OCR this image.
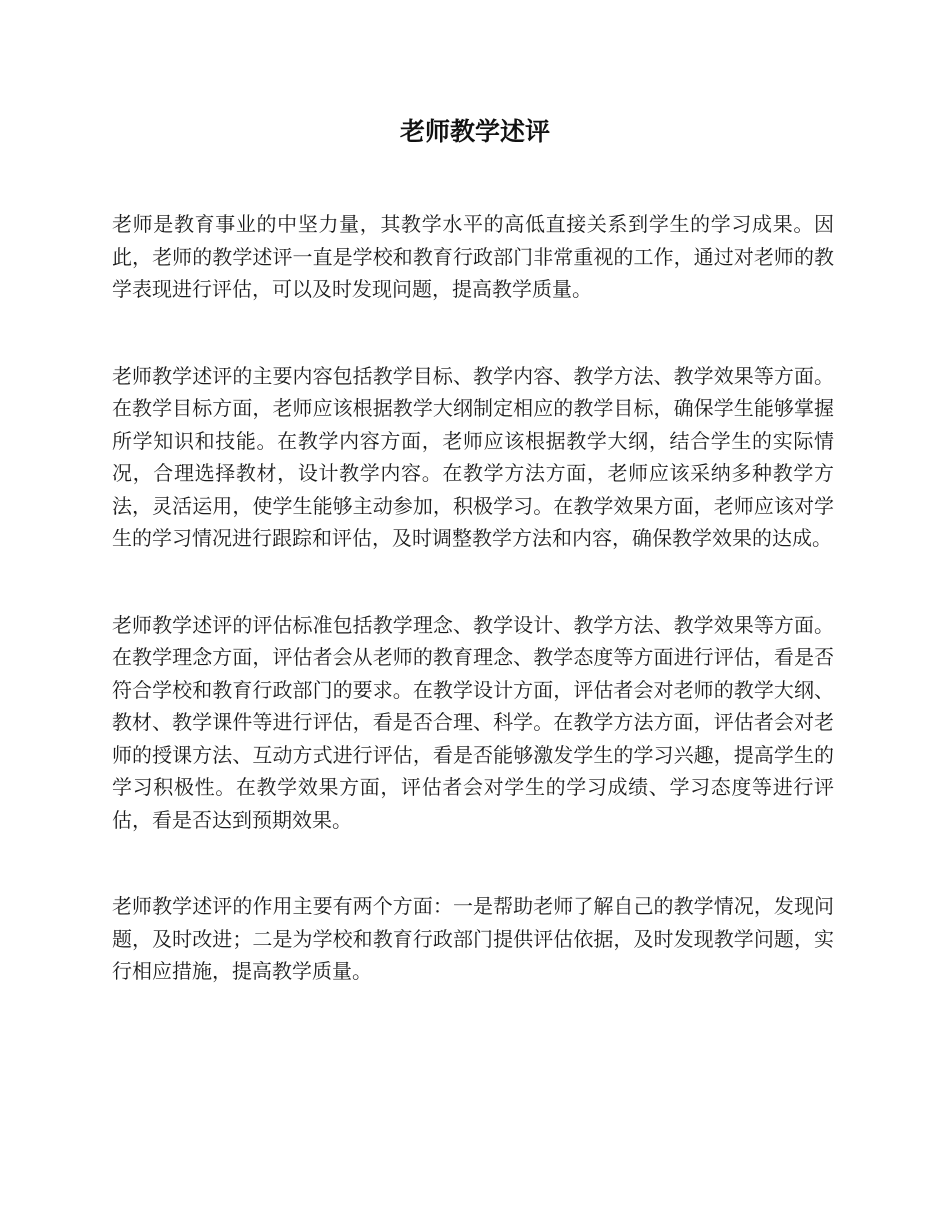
老师教学述评

老师是教育事业的中坚力量，其教学水平的高低直接关系到学生的学习成果。因此，老师的教学述评一直是学校和教育行政部门非常重视的工作，通过对老师的教学表现进行评估，可以及时发现问题，提高教学质量。

老师教学述评的主要内容包括教学目标、教学内容、教学方法、教学效果等方面。在教学目标方面，老师应该根据教学大纲制定相应的教学目标，确保学生能够掌握所学知识和技能。在教学内容方面，老师应该根据教学大纲，结合学生的实际情况，合理选择教材，设计教学内容。在教学方法方面，老师应该采纳多种教学方法，灵活运用，使学生能够主动参加，积极学习。在教学效果方面，老师应该对学生的学习情况进行跟踪和评估，及时调整教学方法和内容，确保教学效果的达成。

老师教学述评的评估标准包括教学理念、教学设计、教学方法、教学效果等方面。在教学理念方面，评估者会从老师的教育理念、教学态度等方面进行评估，看是否符合学校和教育行政部门的要求。在教学设计方面，评估者会对老师的教学大纲、教材、教学课件等进行评估，看是否合理、科学。在教学方法方面，评估者会对老师的授课方法、互动方式进行评估，看是否能够激发学生的学习兴趣，提高学生的学习积极性。在教学效果方面，评估者会对学生的学习成绩、学习态度等进行评估，看是否达到预期效果。

老师教学述评的作用主要有两个方面：一是帮助老师了解自己的教学情况，发现问题，及时改进；二是为学校和教育行政部门提供评估依据，及时发现教学问题，实行相应措施，提高教学质量。
